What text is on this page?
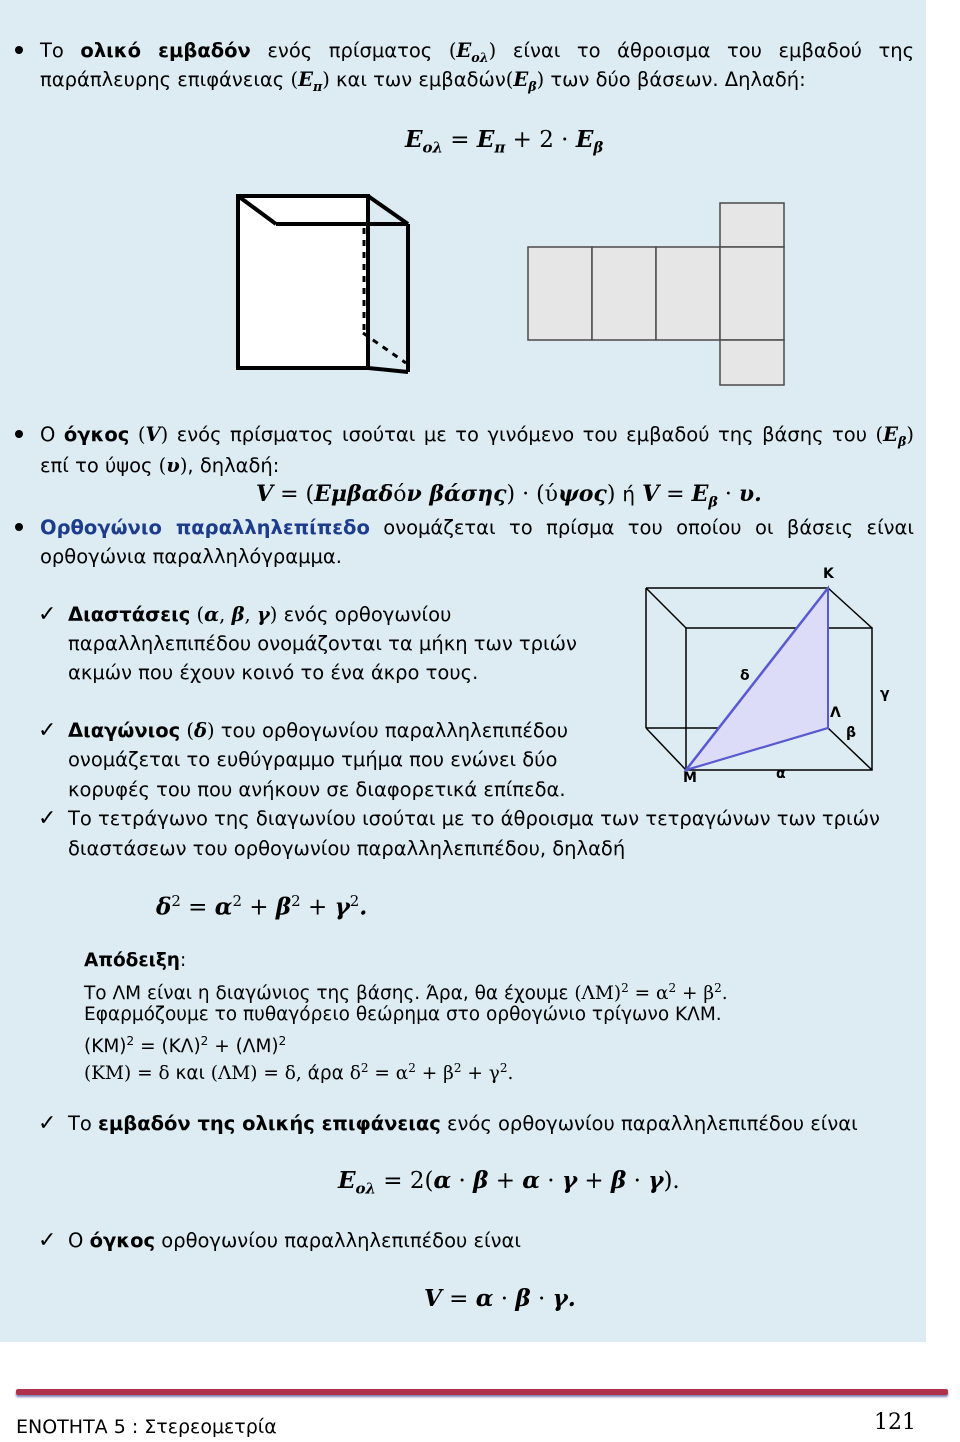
Το ολικό εμβαδόν ενός πρίσματος $(E_{o\lambda})$ είναι το άθροισμα του εμβαδού της
παράπλευρης επιφάνειας $(E_\pi)$ και των $\varepsilon\mu\beta\alpha\delta ώ\nu(E_\beta)$ των δύο βάσεων. Δηλαδή:
$E_{o\lambda} = E_\pi + 2 \cdot E_\beta$
Ο όγκος (V) ενός πρίσματος ισούται με το γινόμενο του εμβαδού της βάσης του $(E_\beta)$
επί το ύψος (υ), δηλαδή:
V = (Εμβαδόν βάσης) · (ύψος) ή $V = E_\beta \cdot \upsilon$.
Ορθογώνιο παραλληλεπίπεδο ονομάζεται το πρίσμα του οποίου οι βάσεις είναι
ορθογώνια παραλληλόγραμμα.
✓ Διαστάσεις (α, β, γ) ενός ορθογωνίου
παραλληλεπιπέδου ονομάζονται τα μήκη των τριών
ακμών που έχουν κοινό το ένα άκρο τους.
Κ
Λ
Μ
δ
α
β
γ
✓ Διαγώνιος (δ) του ορθογωνίου παραλληλεπιπέδου
ονομάζεται το ευθύγραμμο τμήμα που ενώνει δύο
κορυφές του που ανήκουν σε διαφορετικά επίπεδα.
✓ Το τετράγωνο της διαγωνίου ισούται με το άθροισμα των τετραγώνων των τριών
διαστάσεων του ορθογωνίου παραλληλεπιπέδου, δηλαδή
$\delta^2 = \alpha^2 + \beta^2 + \gamma^2$.
Απόδειξη:
Το ΛΜ είναι η διαγώνιος της βάσης. Άρα, θα έχουμε $(\Lambda M)^2 = \alpha^2 + \beta^2$.
Εφαρμόζουμε το πυθαγόρειο θεώρημα στο ορθογώνιο τρίγωνο ΚΛΜ.
$(KM)^2 = (K\Lambda)^2 + (\Lambda M)^2$
(ΚΜ) = δ και (ΛΜ) = δ, άρα $\delta^2 = \alpha^2 + \beta^2 + \gamma^2$.
✓ Το εμβαδόν της ολικής επιφάνειας ενός ορθογωνίου παραλληλεπιπέδου είναι
$E_{o\lambda} = 2(\alpha \cdot \beta + \alpha \cdot \gamma + \beta \cdot \gamma)$.
✓ Ο όγκος ορθογωνίου παραλληλεπιπέδου είναι
V = α · β · γ.
ΕΝΟΤΗΤΑ 5 : Στερεομετρία	121
